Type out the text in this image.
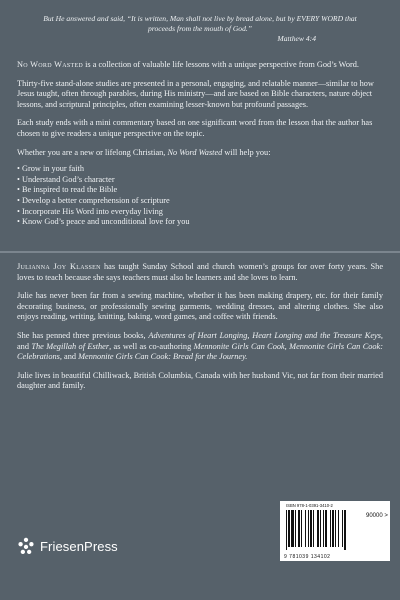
But He answered and said, “It is written, Man shall not live by bread alone, but by EVERY WORD that proceeds from the mouth of God.”
Matthew 4:4

No Word Wasted is a collection of valuable life lessons with a unique perspective from God’s Word.

Thirty-five stand-alone studies are presented in a personal, engaging, and relatable manner—similar to how Jesus taught, often through parables, during His ministry—and are based on Bible characters, nature object lessons, and scriptural principles, often examining lesser-known but profound passages.

Each study ends with a mini commentary based on one significant word from the lesson that the author has chosen to give readers a unique perspective on the topic.

Whether you are a new or lifelong Christian, No Word Wasted will help you:

• Grow in your faith
• Understand God’s character
• Be inspired to read the Bible
• Develop a better comprehension of scripture
• Incorporate His Word into everyday living
• Know God’s peace and unconditional love for you

Julianna Joy Klassen has taught Sunday School and church women’s groups for over forty years. She loves to teach because she says teachers must also be learners and she loves to learn.

Julie has never been far from a sewing machine, whether it has been making drapery, etc. for their family decorating business, or professionally sewing garments, wedding dresses, and altering clothes. She also enjoys reading, writing, knitting, baking, word games, and coffee with friends.

She has penned three previous books, Adventures of Heart Longing, Heart Longing and the Treasure Keys, and The Megillah of Esther, as well as co-authoring Mennonite Girls Can Cook, Mennonite Girls Can Cook: Celebrations, and Mennonite Girls Can Cook: Bread for the Journey.

Julie lives in beautiful Chilliwack, British Columbia, Canada with her husband Vic, not far from their married daughter and family.

FriesenPress
ISBN 978-1-0391-3410-2
90000 >
9 781039 134102
